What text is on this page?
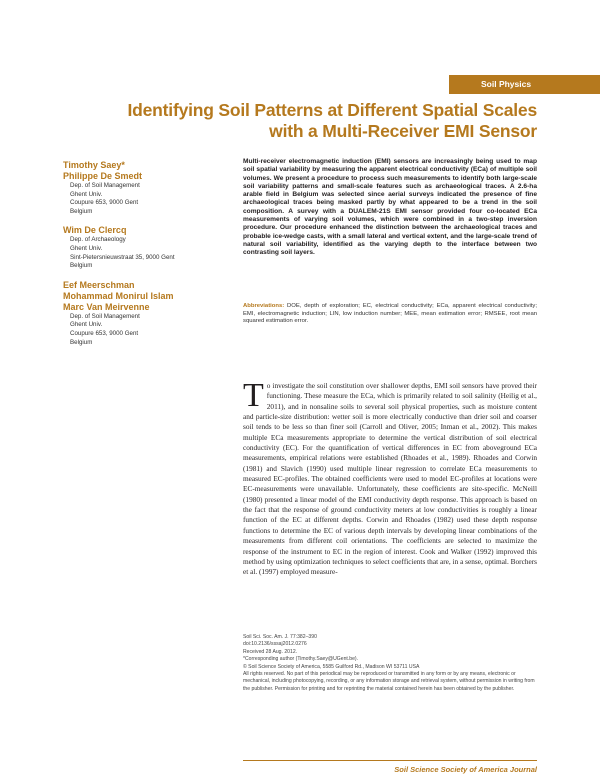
Soil Physics
Identifying Soil Patterns at Different Spatial Scales with a Multi-Receiver EMI Sensor
Timothy Saey*
Philippe De Smedt
Dep. of Soil Management
Ghent Univ.
Coupure 653, 9000 Gent
Belgium
Wim De Clercq
Dep. of Archaeology
Ghent Univ.
Sint-Pietersnieuwstraat 35, 9000 Gent
Belgium
Eef Meerschman
Mohammad Monirul Islam
Marc Van Meirvenne
Dep. of Soil Management
Ghent Univ.
Coupure 653, 9000 Gent
Belgium

Multi-receiver electromagnetic induction (EMI) sensors are increasingly being used to map soil spatial variability by measuring the apparent electrical conductivity (ECa) of multiple soil volumes. We present a procedure to process such measurements to identify both large-scale soil variability patterns and small-scale features such as archaeological traces. A 2.6-ha arable field in Belgium was selected since aerial surveys indicated the presence of fine archaeological traces being masked partly by what appeared to be a trend in the soil composition. A survey with a DUALEM-21S EMI sensor provided four co-located ECa measurements of varying soil volumes, which were combined in a two-step inversion procedure. Our procedure enhanced the distinction between the archaeological traces and probable ice-wedge casts, with a small lateral and vertical extent, and the large-scale trend of natural soil variability, identified as the varying depth to the interface between two contrasting soil layers.

Abbreviations: DOE, depth of exploration; EC, electrical conductivity; ECa, apparent electrical conductivity; EMI, electromagnetic induction; LIN, low induction number; MEE, mean estimation error; RMSEE, root mean squared estimation error.

To investigate the soil constitution over shallower depths, EMI soil sensors have proved their functioning. These measure the ECa, which is primarily related to soil salinity (Heilig et al., 2011), and in nonsaline soils to several soil physical properties, such as moisture content and particle-size distribution: wetter soil is more electrically conductive than drier soil and coarser soil tends to be less so than finer soil (Carroll and Oliver, 2005; Inman et al., 2002). This makes multiple ECa measurements appropriate to determine the vertical distribution of soil electrical conductivity (EC). For the quantification of vertical differences in EC from aboveground ECa measurements, empirical relations were established (Rhoades et al., 1989). Rhoades and Corwin (1981) and Slavich (1990) used multiple linear regression to correlate ECa measurements to measured EC-profiles. The obtained coefficients were used to model EC-profiles at locations were EC-measurements were unavailable. Unfortunately, these coefficients are site-specific. McNeill (1980) presented a linear model of the EMI conductivity depth response. This approach is based on the fact that the response of ground conductivity meters at low conductivities is roughly a linear function of the EC at different depths. Corwin and Rhoades (1982) used these depth response functions to determine the EC of various depth intervals by developing linear combinations of the measurements from different coil orientations. The coefficients are selected to maximize the response of the instrument to EC in the region of interest. Cook and Walker (1992) improved this method by using optimization techniques to select coefficients that are, in a sense, optimal. Borchers et al. (1997) employed measure-

Soil Sci. Soc. Am. J. 77:382–390
doi:10.2136/sssaj2012.0276
Received 28 Aug. 2012.
*Corresponding author (Timothy.Saey@UGent.be).
© Soil Science Society of America, 5585 Guilford Rd., Madison WI 53711 USA
All rights reserved. No part of this periodical may be reproduced or transmitted in any form or by any means, electronic or mechanical, including photocopying, recording, or any information storage and retrieval system, without permission in writing from the publisher. Permission for printing and for reprinting the material contained herein has been obtained by the publisher.
Soil Science Society of America Journal
